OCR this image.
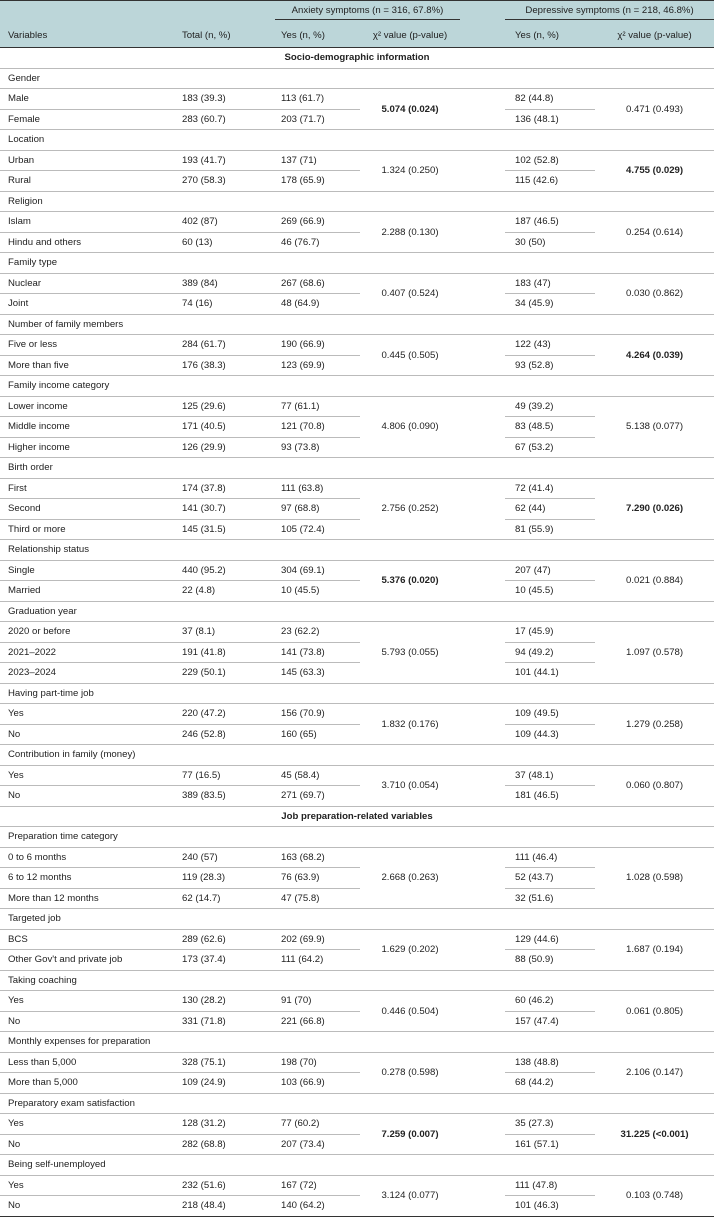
		Anxiety symptoms (n = 316, 67.8%)		Depressive symptoms (n = 218, 46.8%)	

Variables	Total (n, %)	Yes (n, %)	χ² value (p-value)	Yes (n, %)	χ² value (p-value)
Socio-demographic information					
Gender					
Male	183 (39.3)	113 (61.7)	5.074 (0.024)	82 (44.8)	0.471 (0.493)
Female	283 (60.7)	203 (71.7)		136 (48.1)	
Location					
Urban	193 (41.7)	137 (71)	1.324 (0.250)	102 (52.8)	4.755 (0.029)
Rural	270 (58.3)	178 (65.9)		115 (42.6)	
Religion					
Islam	402 (87)	269 (66.9)	2.288 (0.130)	187 (46.5)	0.254 (0.614)
Hindu and others	60 (13)	46 (76.7)		30 (50)	
Family type					
Nuclear	389 (84)	267 (68.6)	0.407 (0.524)	183 (47)	0.030 (0.862)
Joint	74 (16)	48 (64.9)		34 (45.9)	
Number of family members					
Five or less	284 (61.7)	190 (66.9)	0.445 (0.505)	122 (43)	4.264 (0.039)
More than five	176 (38.3)	123 (69.9)		93 (52.8)	
Family income category					
Lower income	125 (29.6)	77 (61.1)	4.806 (0.090)	49 (39.2)	5.138 (0.077)
Middle income	171 (40.5)	121 (70.8)		83 (48.5)	
Higher income	126 (29.9)	93 (73.8)		67 (53.2)	
Birth order					
First	174 (37.8)	111 (63.8)	2.756 (0.252)	72 (41.4)	7.290 (0.026)
Second	141 (30.7)	97 (68.8)		62 (44)	
Third or more	145 (31.5)	105 (72.4)		81 (55.9)	
Relationship status					
Single	440 (95.2)	304 (69.1)	5.376 (0.020)	207 (47)	0.021 (0.884)
Married	22 (4.8)	10 (45.5)		10 (45.5)	
Graduation year					
2020 or before	37 (8.1)	23 (62.2)	5.793 (0.055)	17 (45.9)	1.097 (0.578)
2021–2022	191 (41.8)	141 (73.8)		94 (49.2)	
2023–2024	229 (50.1)	145 (63.3)		101 (44.1)	
Having part-time job					
Yes	220 (47.2)	156 (70.9)	1.832 (0.176)	109 (49.5)	1.279 (0.258)
No	246 (52.8)	160 (65)		109 (44.3)	
Contribution in family (money)					
Yes	77 (16.5)	45 (58.4)	3.710 (0.054)	37 (48.1)	0.060 (0.807)
No	389 (83.5)	271 (69.7)		181 (46.5)	
Job preparation-related variables					
Preparation time category					
0 to 6 months	240 (57)	163 (68.2)	2.668 (0.263)	111 (46.4)	1.028 (0.598)
6 to 12 months	119 (28.3)	76 (63.9)		52 (43.7)	
More than 12 months	62 (14.7)	47 (75.8)		32 (51.6)	
Targeted job					
BCS	289 (62.6)	202 (69.9)	1.629 (0.202)	129 (44.6)	1.687 (0.194)
Other Gov't and private job	173 (37.4)	111 (64.2)		88 (50.9)	
Taking coaching					
Yes	130 (28.2)	91 (70)	0.446 (0.504)	60 (46.2)	0.061 (0.805)
No	331 (71.8)	221 (66.8)		157 (47.4)	
Monthly expenses for preparation					
Less than 5,000	328 (75.1)	198 (70)	0.278 (0.598)	138 (48.8)	2.106 (0.147)
More than 5,000	109 (24.9)	103 (66.9)		68 (44.2)	
Preparatory exam satisfaction					
Yes	128 (31.2)	77 (60.2)	7.259 (0.007)	35 (27.3)	31.225 (<0.001)
No	282 (68.8)	207 (73.4)		161 (57.1)	
Being self-unemployed					
Yes	232 (51.6)	167 (72)	3.124 (0.077)	111 (47.8)	0.103 (0.748)
No	218 (48.4)	140 (64.2)		101 (46.3)	
